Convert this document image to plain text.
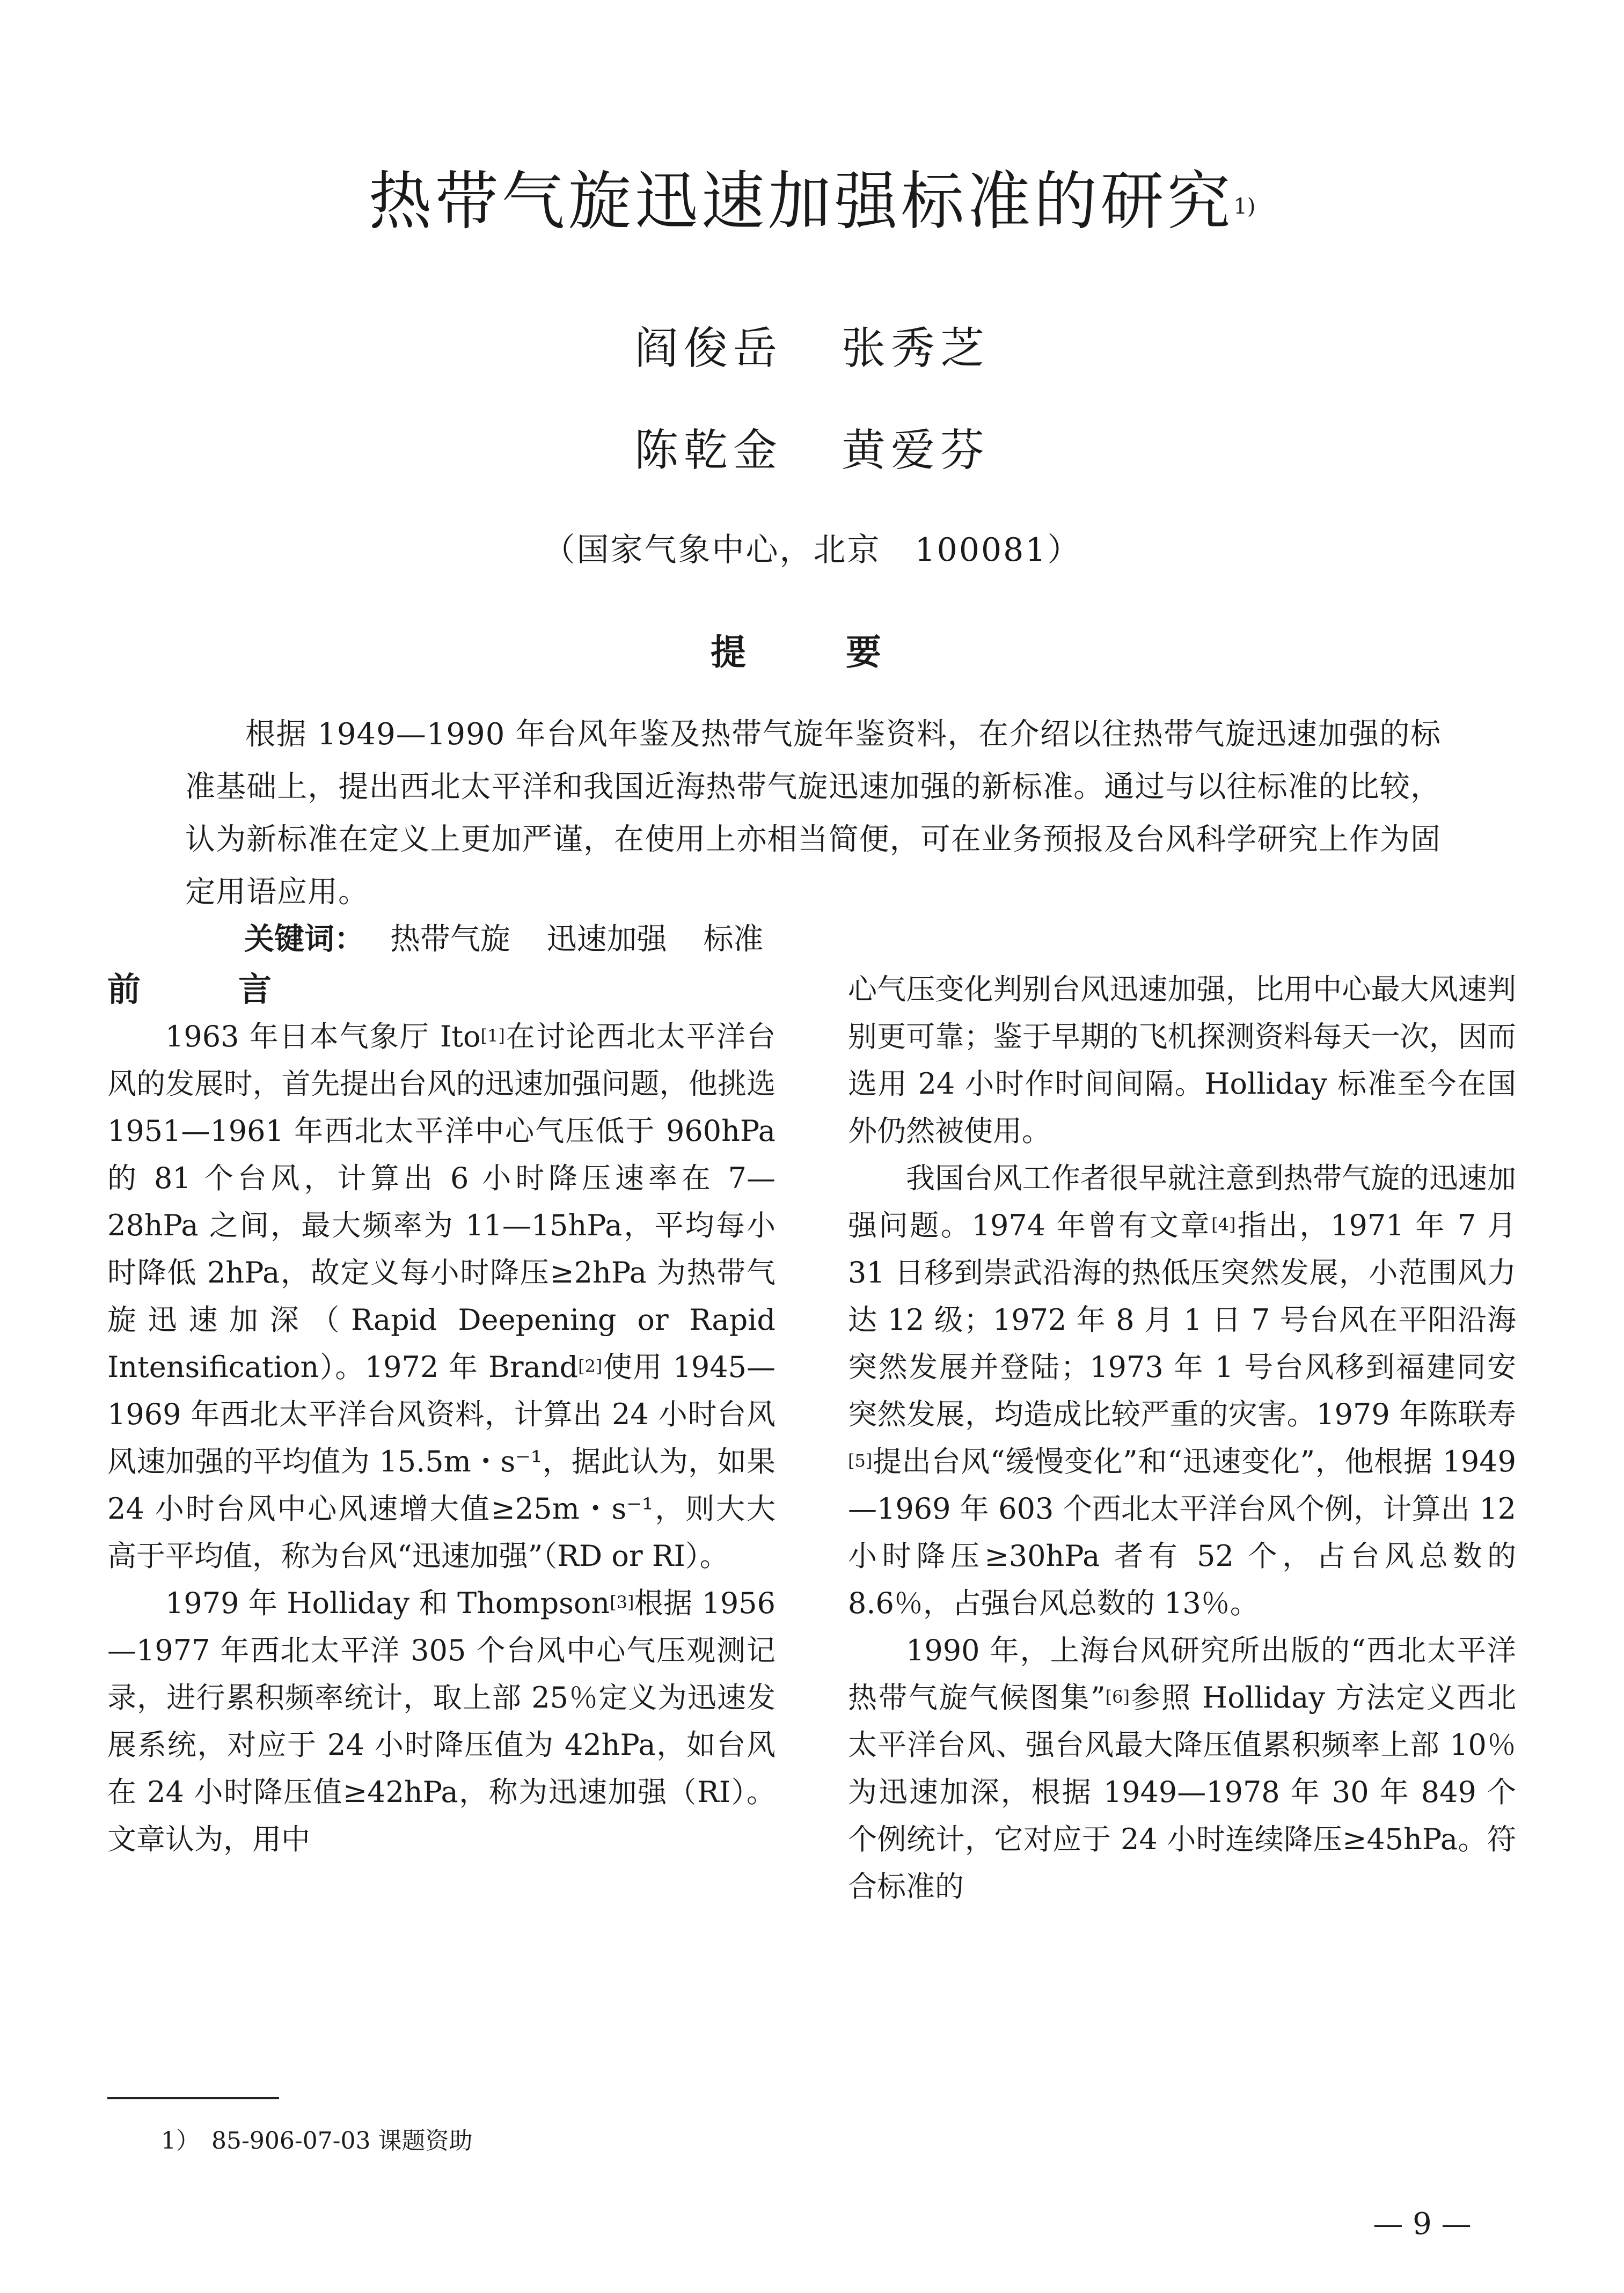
热带气旋迅速加强标准的研究$^{1)}$
阎俊岳 张秀芝
陈乾金 黄爱芬
（国家气象中心，北京　100081）
提　要
根据 1949—1990 年台风年鉴及热带气旋年鉴资料，在介绍以往热带气旋迅速加强的标准基础上，提出西北太平洋和我国近海热带气旋迅速加强的新标准。通过与以往标准的比较，认为新标准在定义上更加严谨，在使用上亦相当简便，可在业务预报及台风科学研究上作为固定用语应用。
关键词： 热带气旋 迅速加强 标准

前　言

1963 年日本气象厅 Ito[1]在讨论西北太平洋台风的发展时，首先提出台风的迅速加强问题，他挑选 1951—1961 年西北太平洋中心气压低于 960hPa 的 81 个台风，计算出 6 小时降压速率在 7—28hPa 之间，最大频率为 11—15hPa，平均每小时降低 2hPa，故定义每小时降压≥2hPa 为热带气旋迅速加深（Rapid Deepening or Rapid Intensification）。1972 年 Brand[2]使用 1945—1969 年西北太平洋台风资料，计算出 24 小时台风风速加强的平均值为 15.5m・s⁻¹，据此认为，如果 24 小时台风中心风速增大值≥25m・s⁻¹，则大大高于平均值，称为台风“迅速加强”（RD or RI）。

1979 年 Holliday 和 Thompson[3]根据 1956—1977 年西北太平洋 305 个台风中心气压观测记录，进行累积频率统计，取上部 25％定义为迅速发展系统，对应于 24 小时降压值为 42hPa，如台风在 24 小时降压值≥42hPa，称为迅速加强（RI）。文章认为，用中

心气压变化判别台风迅速加强，比用中心最大风速判别更可靠；鉴于早期的飞机探测资料每天一次，因而选用 24 小时作时间间隔。Holliday 标准至今在国外仍然被使用。

我国台风工作者很早就注意到热带气旋的迅速加强问题。1974 年曾有文章[4]指出，1971 年 7 月 31 日移到崇武沿海的热低压突然发展，小范围风力达 12 级；1972 年 8 月 1 日 7 号台风在平阳沿海突然发展并登陆；1973 年 1 号台风移到福建同安突然发展，均造成比较严重的灾害。1979 年陈联寿[5]提出台风“缓慢变化”和“迅速变化”，他根据 1949—1969 年 603 个西北太平洋台风个例，计算出 12 小时降压≥30hPa 者有 52 个，占台风总数的 8.6％，占强台风总数的 13％。

1990 年，上海台风研究所出版的“西北太平洋热带气旋气候图集”[6]参照 Holliday 方法定义西北太平洋台风、强台风最大降压值累积频率上部 10％为迅速加深，根据 1949—1978 年 30 年 849 个个例统计，它对应于 24 小时连续降压≥45hPa。符合标准的

1）　85-906-07-03 课题资助
— 9 —
